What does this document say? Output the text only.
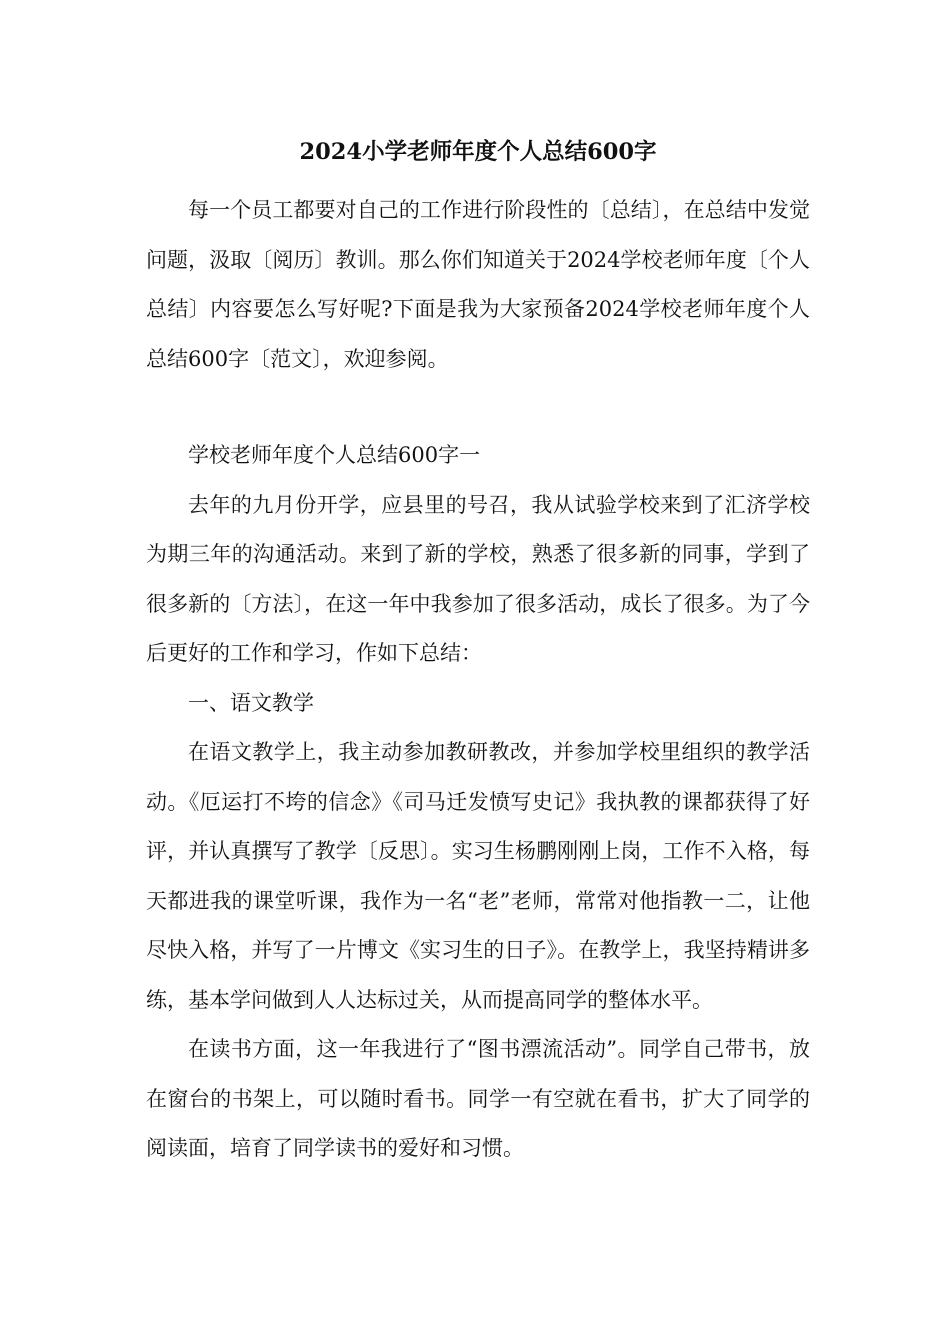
2024小学老师年度个人总结600字

每一个员工都要对自己的工作进行阶段性的〔总结〕，在总结中发觉问题，汲取〔阅历〕教训。那么你们知道关于2024学校老师年度〔个人总结〕内容要怎么写好呢?下面是我为大家预备2024学校老师年度个人总结600字〔范文〕，欢迎参阅。

学校老师年度个人总结600字一

去年的九月份开学，应县里的号召，我从试验学校来到了汇济学校为期三年的沟通活动。来到了新的学校，熟悉了很多新的同事，学到了很多新的〔方法〕，在这一年中我参加了很多活动，成长了很多。为了今后更好的工作和学习，作如下总结：

一、语文教学

在语文教学上，我主动参加教研教改，并参加学校里组织的教学活动。《厄运打不垮的信念》《司马迁发愤写史记》我执教的课都获得了好评，并认真撰写了教学〔反思〕。实习生杨鹏刚刚上岗，工作不入格，每天都进我的课堂听课，我作为一名“老”老师，常常对他指教一二，让他尽快入格，并写了一片博文《实习生的日子》。在教学上，我坚持精讲多练，基本学问做到人人达标过关，从而提高同学的整体水平。

在读书方面，这一年我进行了“图书漂流活动”。同学自己带书，放在窗台的书架上，可以随时看书。同学一有空就在看书，扩大了同学的阅读面，培育了同学读书的爱好和习惯。
